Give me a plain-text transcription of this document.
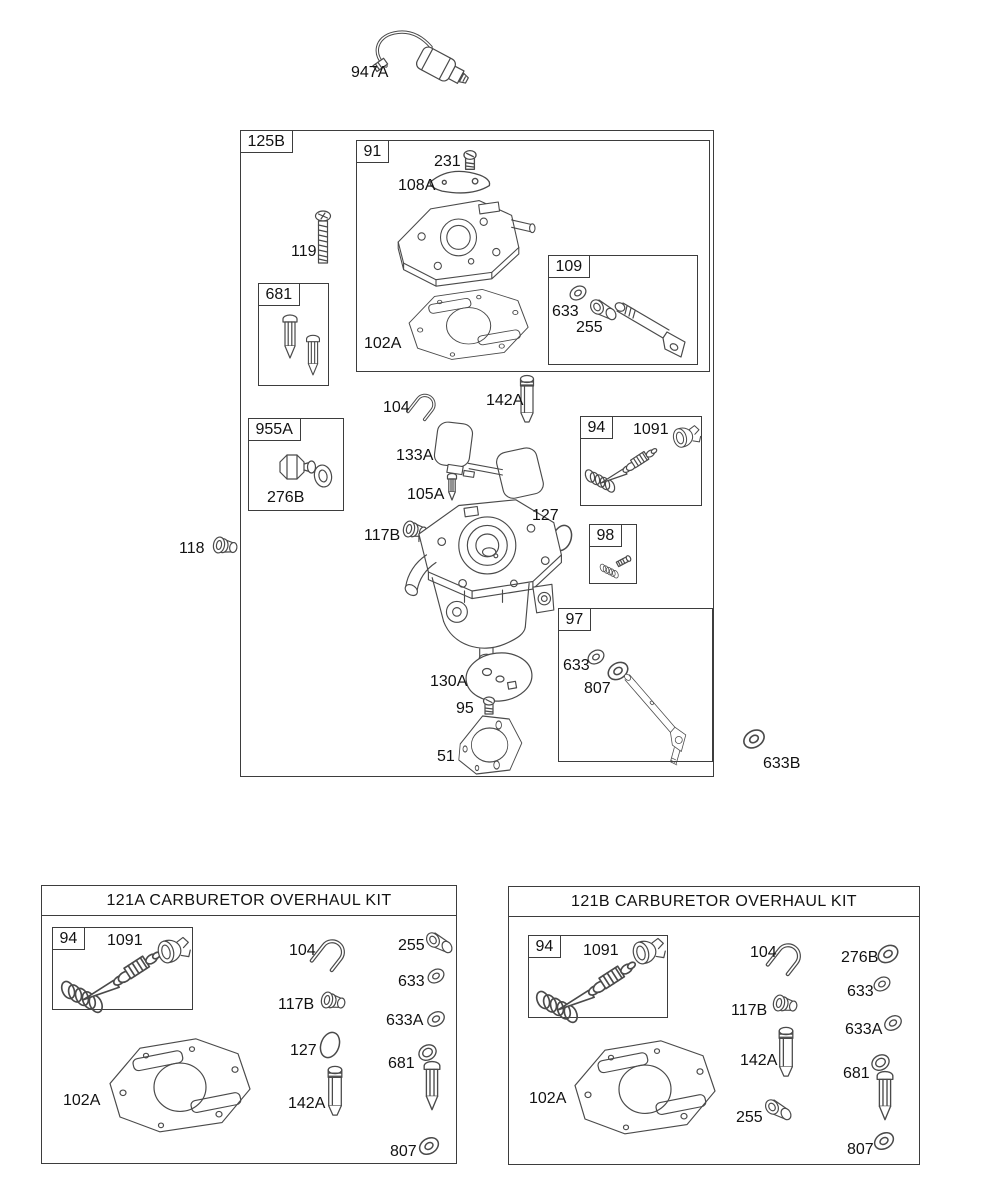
125B
91
109
681
955A	94
98
97
121A CARBURETOR OVERHAUL KIT
94
121B CARBURETOR OVERHAUL KIT
94
947A
231
108A
119
102A
633
255
276B
104	142A
133A
105A
1091
118
117B
127
633
807
130A
95
51	633B
1091
104	255
633
117B
633A
127
681
102A	142A
807
1091	104	276B
633
117B
633A
142A
681
102A
255
807
